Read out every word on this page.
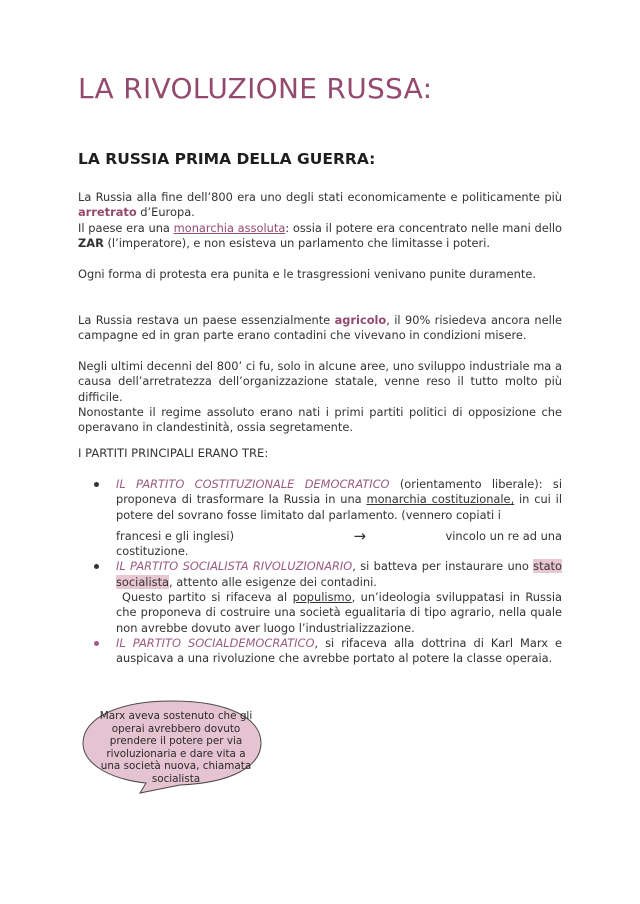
LA RIVOLUZIONE RUSSA:
LA RUSSIA PRIMA DELLA GUERRA:

La Russia alla fine dell’800 era uno degli stati economicamente e politicamente più arretrato d’Europa.

Il paese era una monarchia assoluta: ossia il potere era concentrato nelle mani dello ZAR (l’imperatore), e non esisteva un parlamento che limitasse i poteri.

Ogni forma di protesta era punita e le trasgressioni venivano punite duramente.

La Russia restava un paese essenzialmente agricolo, il 90% risiedeva ancora nelle campagne ed in gran parte erano contadini che vivevano in condizioni misere.

Negli ultimi decenni del 800’ ci fu, solo in alcune aree, uno sviluppo industriale ma a causa dell’arretratezza dell’organizzazione statale, venne reso il tutto molto più difficile.

Nonostante il regime assoluto erano nati i primi partiti politici di opposizione che operavano in clandestinità, ossia segretamente.

I PARTITI PRINCIPALI ERANO TRE:
IL PARTITO COSTITUZIONALE DEMOCRATICO (orientamento liberale): si proponeva di trasformare la Russia in una monarchia costituzionale, in cui il potere del sovrano fosse limitato dal parlamento. (vennero copiati i
francesi e gli inglesi)	→	vincolo un re ad una
costituzione.
IL PARTITO SOCIALISTA RIVOLUZIONARIO, si batteva per instaurare uno stato socialista, attento alle esigenze dei contadini.
Questo partito si rifaceva al populismo, un’ideologia sviluppatasi in Russia che proponeva di costruire una società egualitaria di tipo agrario, nella quale non avrebbe dovuto aver luogo l’industrializzazione.
IL PARTITO SOCIALDEMOCRATICO, si rifaceva alla dottrina di Karl Marx e auspicava a una rivoluzione che avrebbe portato al potere la classe operaia.
Marx aveva sostenuto che gli operai avrebbero dovuto prendere il potere per via rivoluzionaria e dare vita a una società nuova, chiamata socialista
